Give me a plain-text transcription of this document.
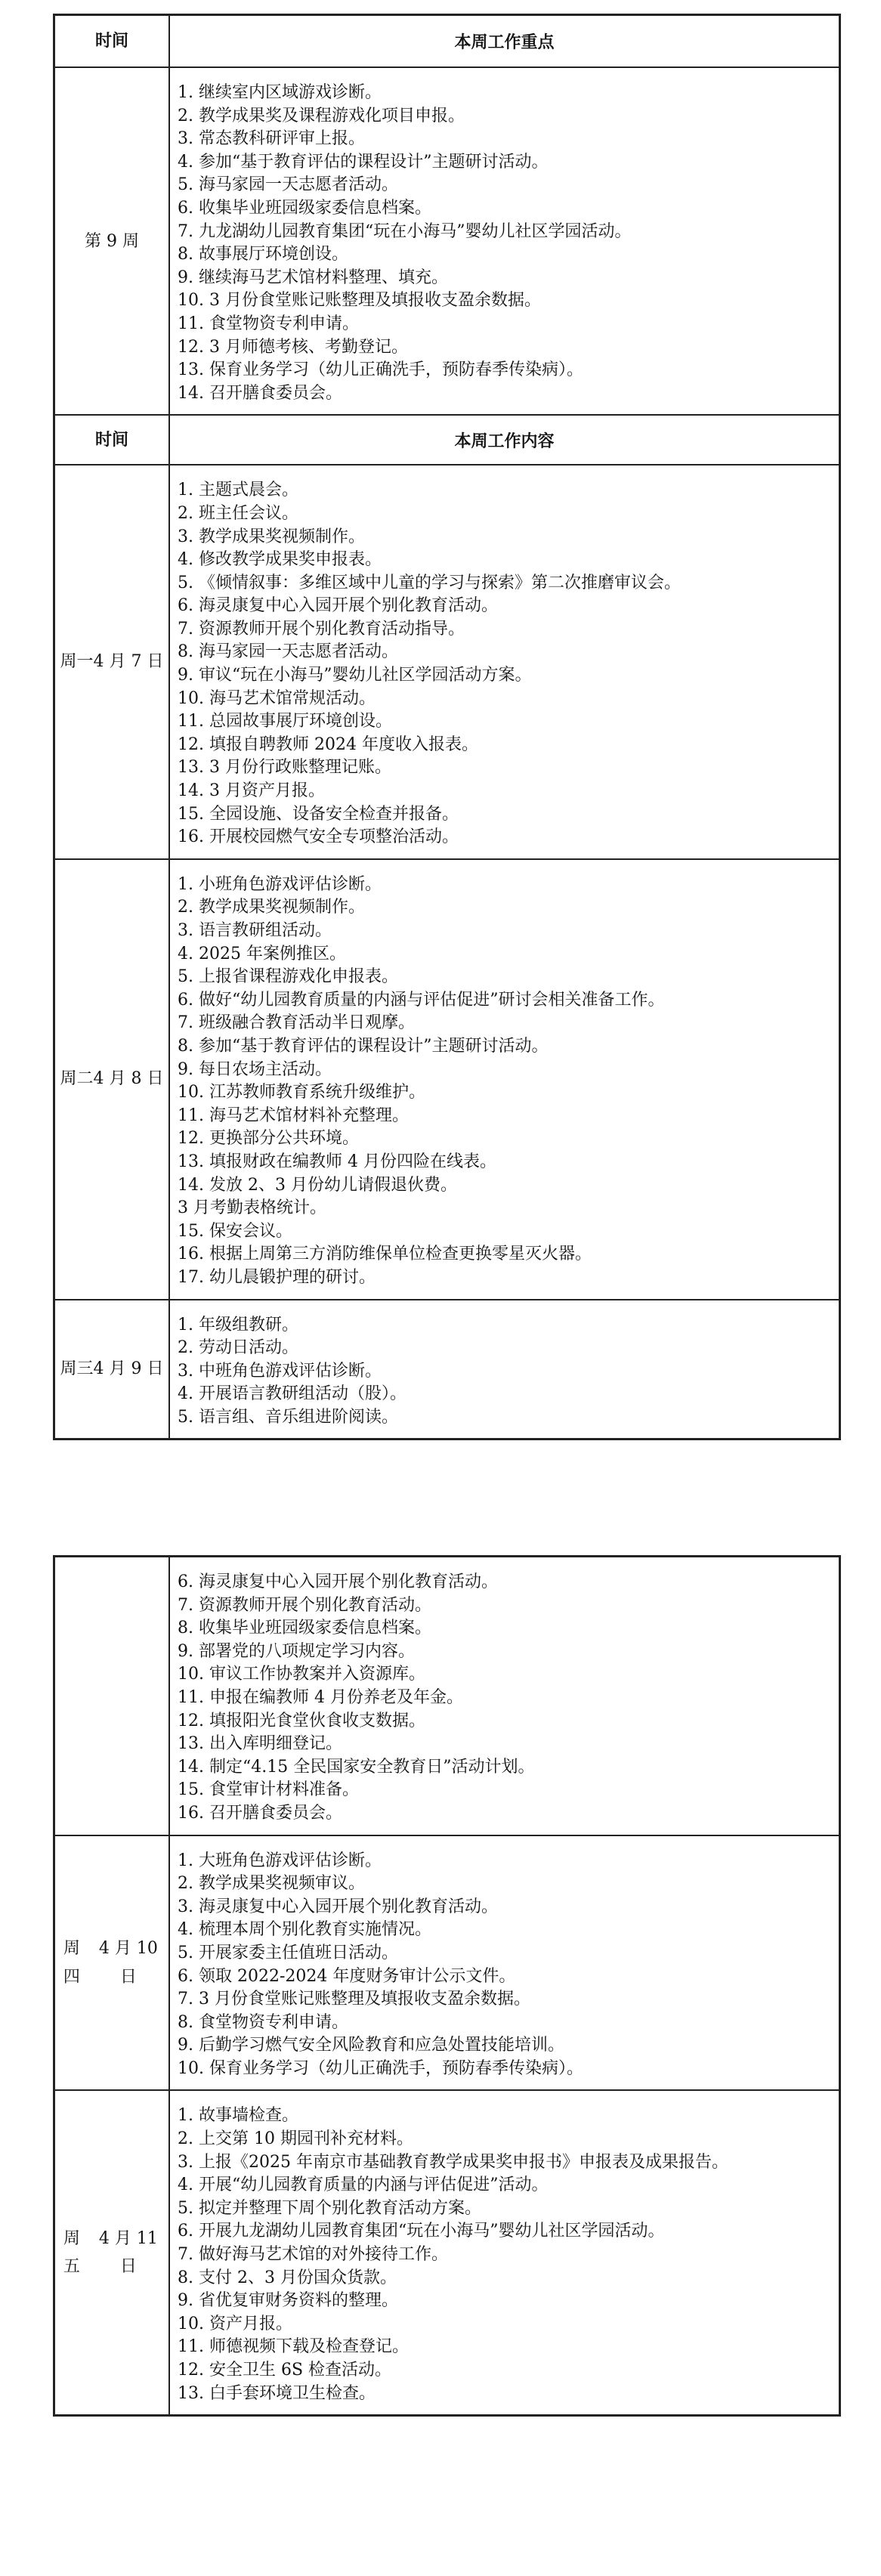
时间	本周工作重点
第 9 周
1. 继续室内区域游戏诊断。
2. 教学成果奖及课程游戏化项目申报。
3. 常态教科研评审上报。
4. 参加“基于教育评估的课程设计”主题研讨活动。
5. 海马家园一天志愿者活动。
6. 收集毕业班园级家委信息档案。
7. 九龙湖幼儿园教育集团“玩在小海马”婴幼儿社区学园活动。
8. 故事展厅环境创设。
9. 继续海马艺术馆材料整理、填充。
10. 3 月份食堂账记账整理及填报收支盈余数据。
11. 食堂物资专利申请。
12. 3 月师德考核、考勤登记。
13. 保育业务学习（幼儿正确洗手，预防春季传染病）。
14. 召开膳食委员会。
时间	本周工作内容
周一 4 月 7 日
1. 主题式晨会。
2. 班主任会议。
3. 教学成果奖视频制作。
4. 修改教学成果奖申报表。
5. 《倾情叙事：多维区域中儿童的学习与探索》第二次推磨审议会。
6. 海灵康复中心入园开展个别化教育活动。
7. 资源教师开展个别化教育活动指导。
8. 海马家园一天志愿者活动。
9. 审议“玩在小海马”婴幼儿社区学园活动方案。
10. 海马艺术馆常规活动。
11. 总园故事展厅环境创设。
12. 填报自聘教师 2024 年度收入报表。
13. 3 月份行政账整理记账。
14. 3 月资产月报。
15. 全园设施、设备安全检查并报备。
16. 开展校园燃气安全专项整治活动。
周二 4 月 8 日
1. 小班角色游戏评估诊断。
2. 教学成果奖视频制作。
3. 语言教研组活动。
4. 2025 年案例推区。
5. 上报省课程游戏化申报表。
6. 做好“幼儿园教育质量的内涵与评估促进”研讨会相关准备工作。
7. 班级融合教育活动半日观摩。
8. 参加“基于教育评估的课程设计”主题研讨活动。
9. 每日农场主活动。
10. 江苏教师教育系统升级维护。
11. 海马艺术馆材料补充整理。
12. 更换部分公共环境。
13. 填报财政在编教师 4 月份四险在线表。
14. 发放 2、3 月份幼儿请假退伙费。
3 月考勤表格统计。
15. 保安会议。
16. 根据上周第三方消防维保单位检查更换零星灭火器。
17. 幼儿晨锻护理的研讨。
周三 4 月 9 日
1. 年级组教研。
2. 劳动日活动。
3. 中班角色游戏评估诊断。
4. 开展语言教研组活动（股）。
5. 语言组、音乐组进阶阅读。
6. 海灵康复中心入园开展个别化教育活动。
7. 资源教师开展个别化教育活动。
8. 收集毕业班园级家委信息档案。
9. 部署党的八项规定学习内容。
10. 审议工作协教案并入资源库。
11. 申报在编教师 4 月份养老及年金。
12. 填报阳光食堂伙食收支数据。
13. 出入库明细登记。
14. 制定“4.15 全民国家安全教育日”活动计划。
15. 食堂审计材料准备。
16. 召开膳食委员会。
周四
4 月 10 日
1. 大班角色游戏评估诊断。
2. 教学成果奖视频审议。
3. 海灵康复中心入园开展个别化教育活动。
4. 梳理本周个别化教育实施情况。
5. 开展家委主任值班日活动。
6. 领取 2022-2024 年度财务审计公示文件。
7. 3 月份食堂账记账整理及填报收支盈余数据。
8. 食堂物资专利申请。
9. 后勤学习燃气安全风险教育和应急处置技能培训。
10. 保育业务学习（幼儿正确洗手，预防春季传染病）。
周五
4 月 11 日
1. 故事墙检查。
2. 上交第 10 期园刊补充材料。
3. 上报《2025 年南京市基础教育教学成果奖申报书》申报表及成果报告。
4. 开展“幼儿园教育质量的内涵与评估促进”活动。
5. 拟定并整理下周个别化教育活动方案。
6. 开展九龙湖幼儿园教育集团“玩在小海马”婴幼儿社区学园活动。
7. 做好海马艺术馆的对外接待工作。
8. 支付 2、3 月份国众货款。
9. 省优复审财务资料的整理。
10. 资产月报。
11. 师德视频下载及检查登记。
12. 安全卫生 6S 检查活动。
13. 白手套环境卫生检查。
